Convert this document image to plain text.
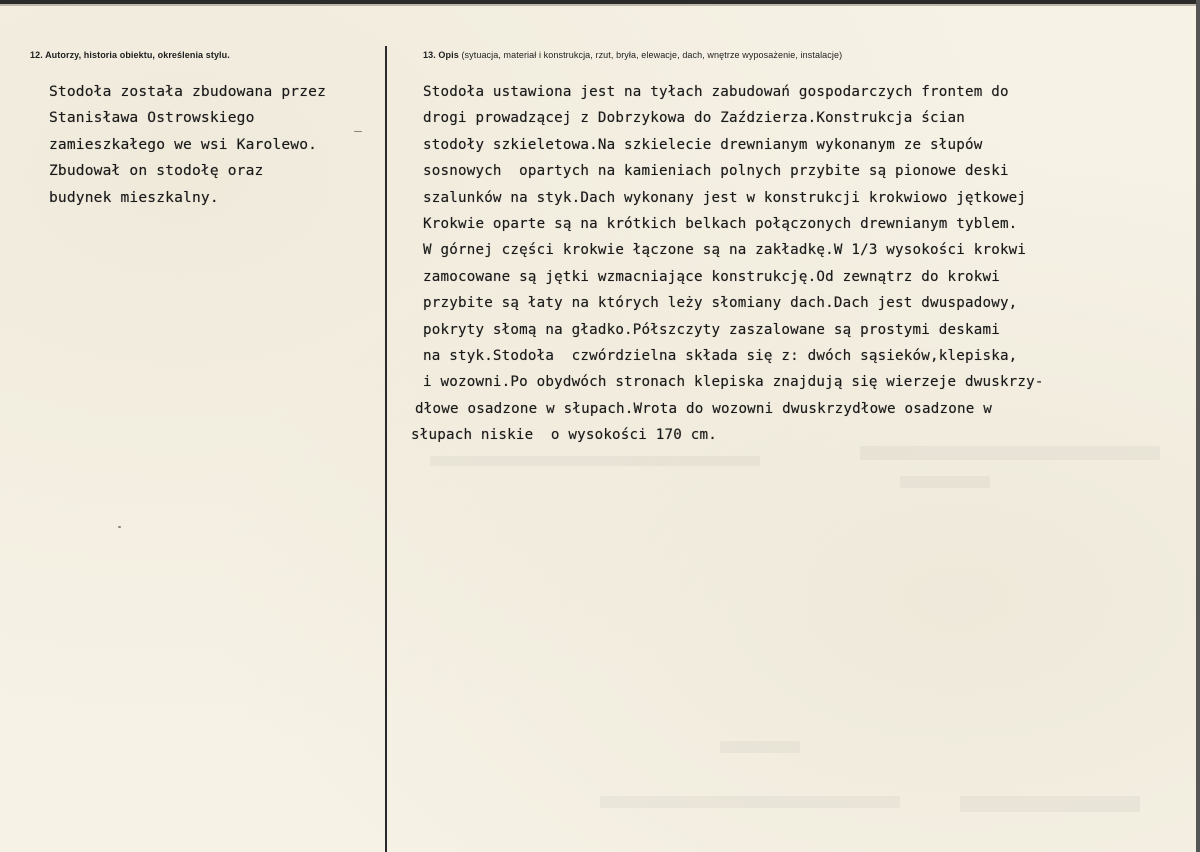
12. Autorzy, historia obiektu, określenia stylu.	13. Opis (sytuacja, materiał i konstrukcja, rzut, bryła, elewacje, dach, wnętrze wyposażenie, instalacje)
Stodoła została zbudowana przez
Stanisława Ostrowskiego
zamieszkałego we wsi Karolewo.
Zbudował on stodołę oraz
budynek mieszkalny.
Stodoła ustawiona jest na tyłach zabudowań gospodarczych frontem do
drogi prowadzącej z Dobrzykowa do Zaździerza.Konstrukcja ścian
stodoły szkieletowa.Na szkielecie drewnianym wykonanym ze słupów
sosnowych  opartych na kamieniach polnych przybite są pionowe deski
szalunków na styk.Dach wykonany jest w konstrukcji krokwiowo jętkowej
Krokwie oparte są na krótkich belkach połączonych drewnianym tyblem.
W górnej części krokwie łączone są na zakładkę.W 1/3 wysokości krokwi
zamocowane są jętki wzmacniające konstrukcję.Od zewnątrz do krokwi
przybite są łaty na których leży słomiany dach.Dach jest dwuspadowy,
pokryty słomą na gładko.Półszczyty zaszalowane są prostymi deskami
na styk.Stodoła  czwórdzielna składa się z: dwóch sąsieków,klepiska,
i wozowni.Po obydwóch stronach klepiska znajdują się wierzeje dwuskrzy-
dłowe osadzone w słupach.Wrota do wozowni dwuskrzydłowe osadzone w
słupach niskie  o wysokości 170 cm.
